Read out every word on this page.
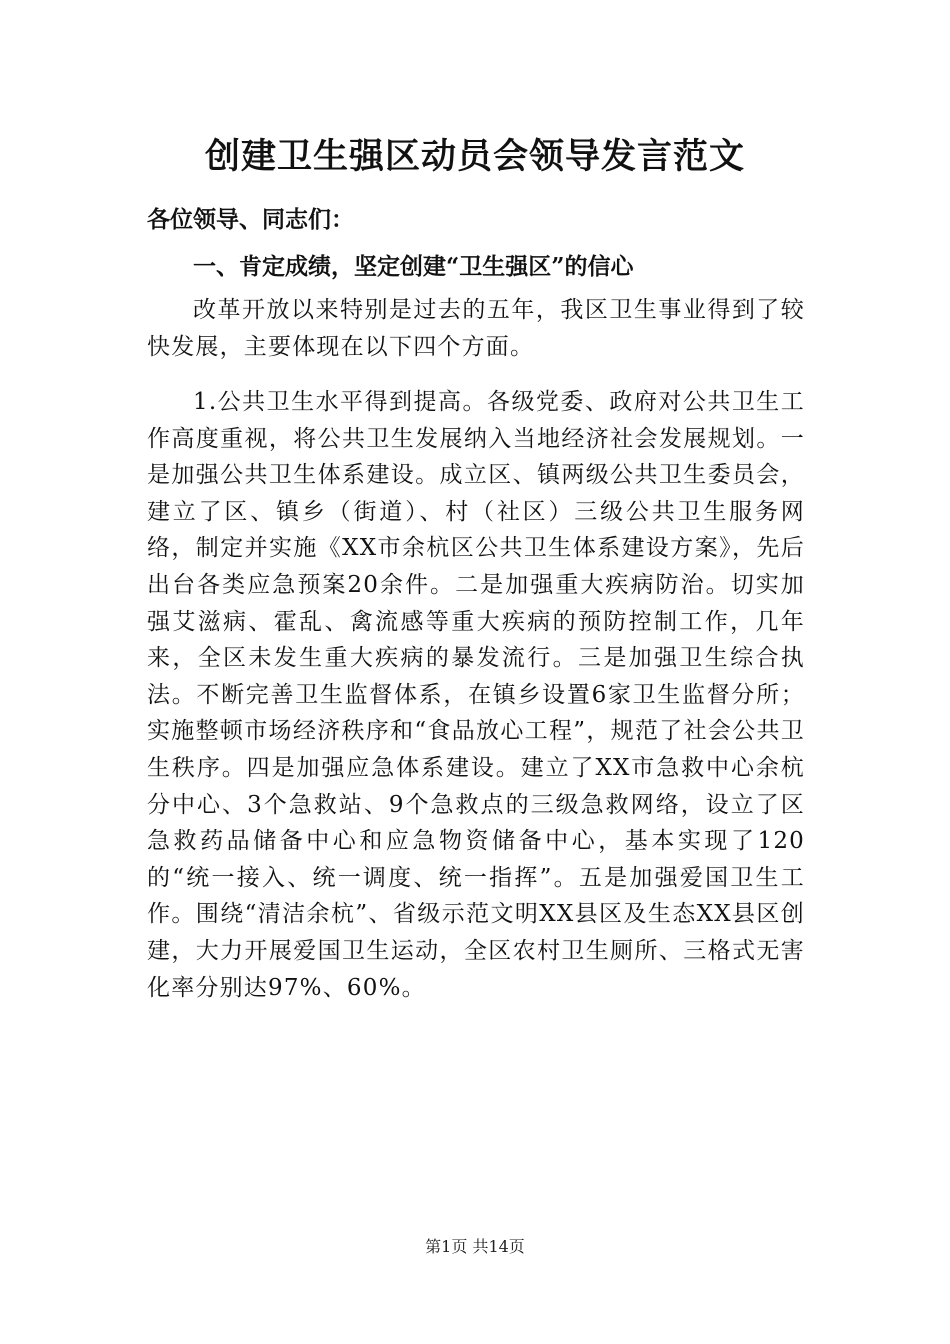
创建卫生强区动员会领导发言范文
各位领导、同志们：
一、肯定成绩，坚定创建“卫生强区”的信心

改革开放以来特别是过去的五年，我区卫生事业得到了较快发展，主要体现在以下四个方面。

1.公共卫生水平得到提高。各级党委、政府对公共卫生工作高度重视，将公共卫生发展纳入当地经济社会发展规划。一是加强公共卫生体系建设。成立区、镇两级公共卫生委员会，建立了区、镇乡（街道）、村（社区）三级公共卫生服务网络，制定并实施《XX市余杭区公共卫生体系建设方案》，先后出台各类应急预案20余件。二是加强重大疾病防治。切实加强艾滋病、霍乱、禽流感等重大疾病的预防控制工作，几年来，全区未发生重大疾病的暴发流行。三是加强卫生综合执法。不断完善卫生监督体系，在镇乡设置6家卫生监督分所；实施整顿市场经济秩序和“食品放心工程”，规范了社会公共卫生秩序。四是加强应急体系建设。建立了XX市急救中心余杭分中心、3个急救站、9个急救点的三级急救网络，设立了区急救药品储备中心和应急物资储备中心，基本实现了120的“统一接入、统一调度、统一指挥”。五是加强爱国卫生工作。围绕“清洁余杭”、省级示范文明XX县区及生态XX县区创建，大力开展爱国卫生运动，全区农村卫生厕所、三格式无害化率分别达97%、60%。

第1页 共14页
